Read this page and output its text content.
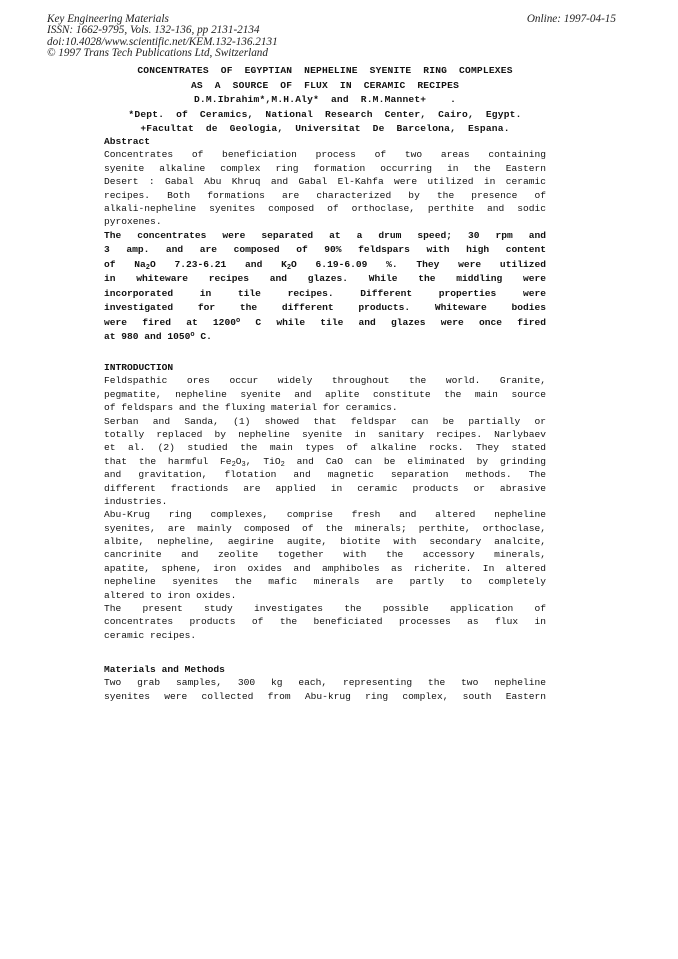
Key Engineering Materials
ISSN: 1662-9795, Vols. 132-136, pp 2131-2134
doi:10.4028/www.scientific.net/KEM.132-136.2131
© 1997 Trans Tech Publications Ltd, Switzerland
Online: 1997-04-15
CONCENTRATES  OF  EGYPTIAN  NEPHELINE  SYENITE  RING  COMPLEXES
AS  A  SOURCE  OF  FLUX  IN  CERAMIC  RECIPES
D.M.Ibrahim*,M.H.Aly*  and  R.M.Mannet+    .
*Dept.  of  Ceramics,  National  Research  Center,  Cairo,  Egypt.
+Facultat  de  Geologia,  Universitat  De  Barcelona,  Espana.
Abstract
Concentrates of beneficiation process of two areas containing
syenite alkaline complex ring formation occurring in the Eastern
Desert : Gabal Abu Khruq and Gabal El-Kahfa were utilized in ceramic
recipes. Both formations are characterized by the presence of
alkali-nepheline syenites composed of orthoclase, perthite and sodic
pyroxenes.
The concentrates were separated at a drum speed; 30 rpm and
3 amp. and are composed of 90% feldspars with high content
of $Na_2O$ 7.23-6.21 and $K_2O$ 6.19-6.09 %. They were utilized
in whiteware recipes and glazes. While the middling were
incorporated in tile recipes. Different properties were
investigated for the different products. Whiteware bodies
were fired at 1200$^o$ C while tile and glazes were once fired
at 980 and 1050$^o$ C.
INTRODUCTION
Feldspathic ores occur widely throughout the world. Granite,
pegmatite, nepheline syenite and aplite constitute the main source
of feldspars and the fluxing material for ceramics.
Serban and Sanda, (1) showed that feldspar can be partially or
totally replaced by nepheline syenite in sanitary recipes. Narlybaev
et al. (2) studied the main types of alkaline rocks. They stated
that the harmful $Fe_2O_3$, TiO$_2$ and CaO can be eliminated by grinding
and gravitation, flotation and magnetic separation methods. The
different fractionds are applied in ceramic products or abrasive
industries.
Abu-Krug ring complexes, comprise fresh and altered nepheline
syenites, are mainly composed of the minerals; perthite, orthoclase,
albite, nepheline, aegirine augite, biotite with secondary analcite,
cancrinite and zeolite together with the accessory minerals,
apatite, sphene, iron oxides and amphiboles as richerite. In altered
nepheline syenites the mafic minerals are partly to completely
altered to iron oxides.
The present study investigates the possible application of
concentrates products of the beneficiated processes as flux in
ceramic recipes.
Materials and Methods
Two grab samples, 300 kg each, representing the two nepheline
syenites were collected from Abu-krug ring complex, south Eastern
